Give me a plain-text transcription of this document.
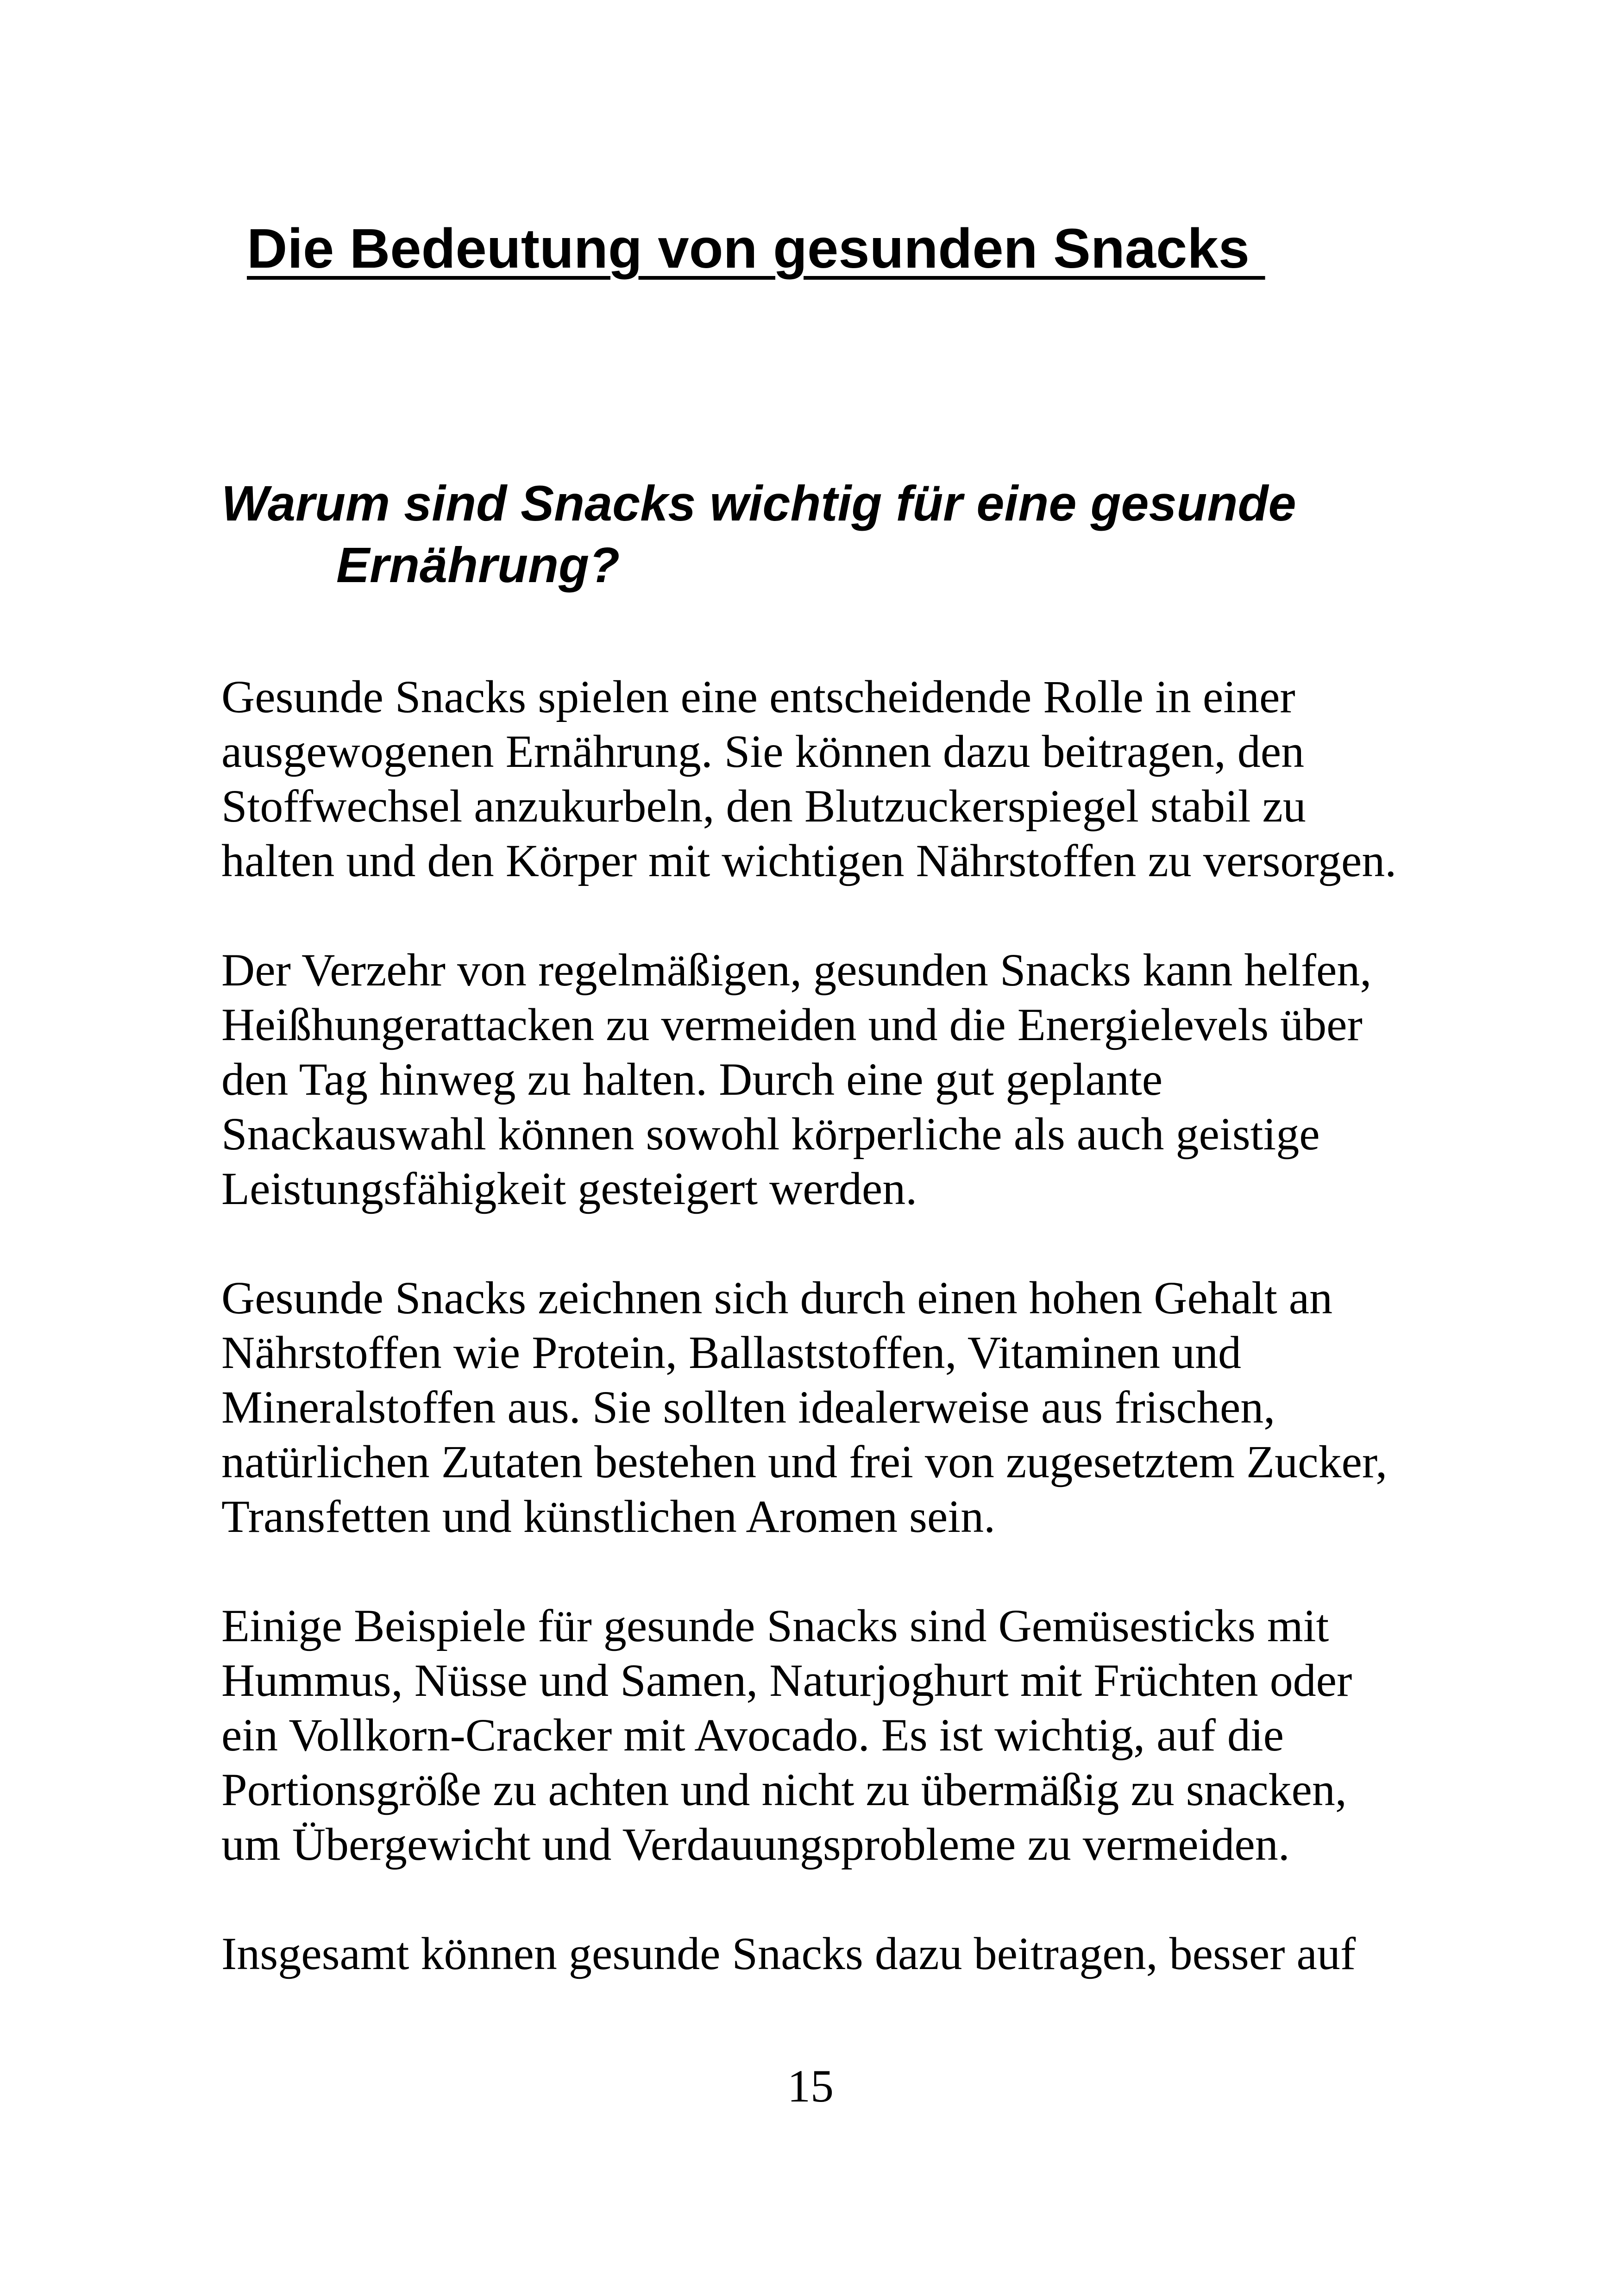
Die Bedeutung von gesunden Snacks
Warum sind Snacks wichtig für eine gesunde Ernährung?

Gesunde Snacks spielen eine entscheidende Rolle in einer
ausgewogenen Ernährung. Sie können dazu beitragen, den
Stoffwechsel anzukurbeln, den Blutzuckerspiegel stabil zu
halten und den Körper mit wichtigen Nährstoffen zu versorgen.

Der Verzehr von regelmäßigen, gesunden Snacks kann helfen,
Heißhungerattacken zu vermeiden und die Energielevels über
den Tag hinweg zu halten. Durch eine gut geplante
Snackauswahl können sowohl körperliche als auch geistige
Leistungsfähigkeit gesteigert werden.

Gesunde Snacks zeichnen sich durch einen hohen Gehalt an
Nährstoffen wie Protein, Ballaststoffen, Vitaminen und
Mineralstoffen aus. Sie sollten idealerweise aus frischen,
natürlichen Zutaten bestehen und frei von zugesetztem Zucker,
Transfetten und künstlichen Aromen sein.

Einige Beispiele für gesunde Snacks sind Gemüsesticks mit
Hummus, Nüsse und Samen, Naturjoghurt mit Früchten oder
ein Vollkorn-Cracker mit Avocado. Es ist wichtig, auf die
Portionsgröße zu achten und nicht zu übermäßig zu snacken,
um Übergewicht und Verdauungsprobleme zu vermeiden.

Insgesamt können gesunde Snacks dazu beitragen, besser auf

15
